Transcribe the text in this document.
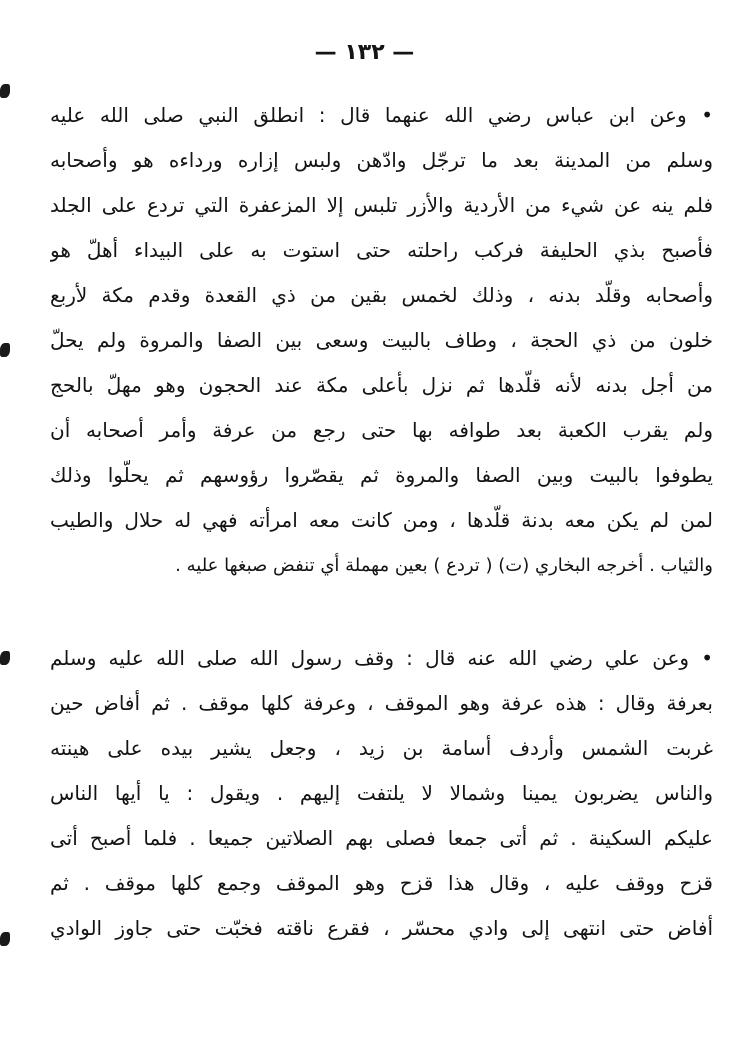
— ١٣٢ —
• وعن ابن عباس رضي الله عنهما قال : انطلق النبي صلى الله عليه
وسلم من المدينة بعد ما ترجّل وادّهن ولبس إزاره ورداءه هو وأصحابه
فلم ينه عن شيء من الأردية والأزر تلبس إلا المزعفرة التي تردع على الجلد
فأصبح بذي الحليفة فركب راحلته حتى استوت به على البيداء أهلّ هو
وأصحابه وقلّد بدنه ، وذلك لخمس بقين من ذي القعدة وقدم مكة لأربع
خلون من ذي الحجة ، وطاف بالبيت وسعى بين الصفا والمروة ولم يحلّ
من أجل بدنه لأنه قلّدها ثم نزل بأعلى مكة عند الحجون وهو مهلّ بالحج
ولم يقرب الكعبة بعد طوافه بها حتى رجع من عرفة وأمر أصحابه أن
يطوفوا بالبيت وبين الصفا والمروة ثم يقصّروا رؤوسهم ثم يحلّوا وذلك
لمن لم يكن معه بدنة قلّدها ، ومن كانت معه امرأته فهي له حلال والطيب
والثياب . أخرجه البخاري (ت) ( تردع ) بعين مهملة أي تنفض صبغها عليه .
• وعن علي رضي الله عنه قال : وقف رسول الله صلى الله عليه وسلم
بعرفة وقال : هذه عرفة وهو الموقف ، وعرفة كلها موقف . ثم أفاض حين
غربت الشمس وأردف أسامة بن زيد ، وجعل يشير بيده على هينته
والناس يضربون يمينا وشمالا لا يلتفت إليهم . ويقول : يا أيها الناس
عليكم السكينة . ثم أتى جمعا فصلى بهم الصلاتين جميعا . فلما أصبح أتى
قزح ووقف عليه ، وقال هذا قزح وهو الموقف وجمع كلها موقف . ثم
أفاض حتى انتهى إلى وادي محسّر ، فقرع ناقته فخبّت حتى جاوز الوادي
